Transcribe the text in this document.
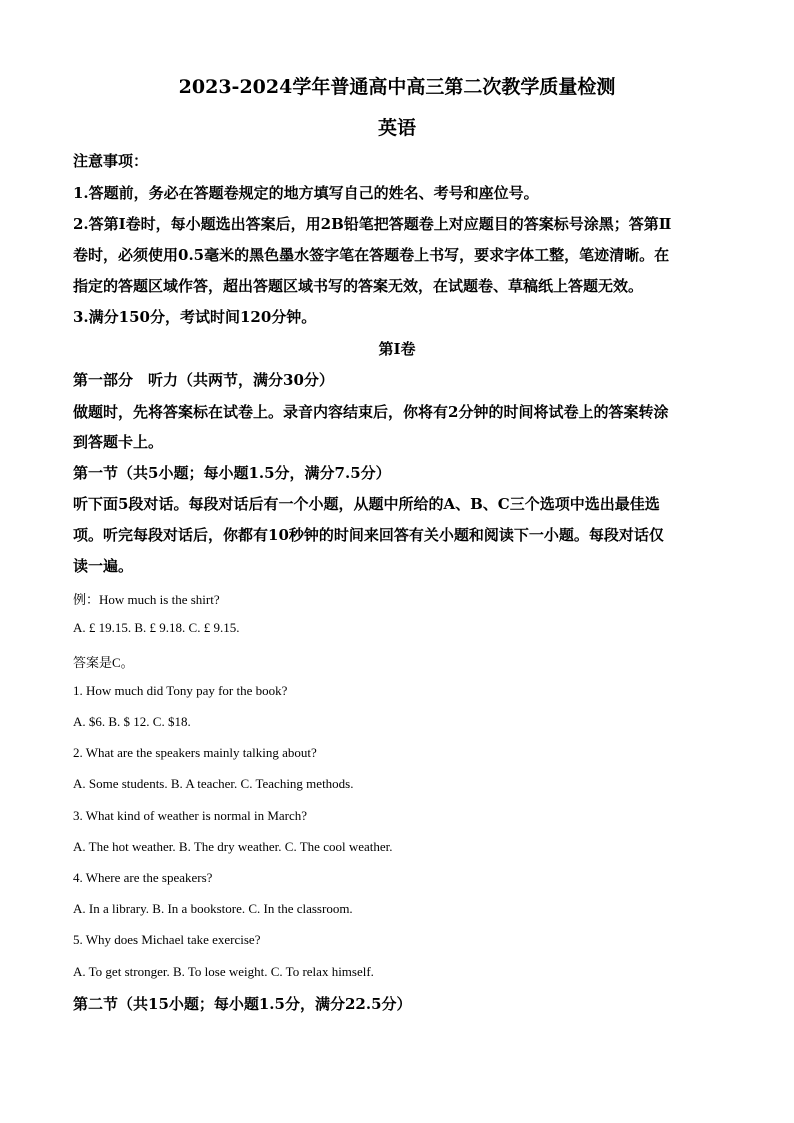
2023-2024学年普通高中高三第二次教学质量检测
英语
注意事项：
1.答题前，务必在答题卷规定的地方填写自己的姓名、考号和座位号。
2.答第Ⅰ卷时，每小题选出答案后，用2B铅笔把答题卷上对应题目的答案标号涂黑；答第Ⅱ
卷时，必须使用0.5毫米的黑色墨水签字笔在答题卷上书写，要求字体工整，笔迹清晰。在
指定的答题区域作答，超出答题区域书写的答案无效，在试题卷、草稿纸上答题无效。
3.满分150分，考试时间120分钟。
第Ⅰ卷
第一部分　听力（共两节，满分30分）
做题时，先将答案标在试卷上。录音内容结束后，你将有2分钟的时间将试卷上的答案转涂
到答题卡上。
第一节（共5小题；每小题1.5分，满分7.5分）
听下面5段对话。每段对话后有一个小题，从题中所给的A、B、C三个选项中选出最佳选
项。听完每段对话后，你都有10秒钟的时间来回答有关小题和阅读下一小题。每段对话仅
读一遍。
例：How much is the shirt?
A. £ 19.15. B. £ 9.18. C. £ 9.15.
答案是C。
1. How much did Tony pay for the book?
A. $6. B. $ 12. C. $18.
2. What are the speakers mainly talking about?
A. Some students. B. A teacher. C. Teaching methods.
3. What kind of weather is normal in March?
A. The hot weather. B. The dry weather. C. The cool weather.
4. Where are the speakers?
A. In a library. B. In a bookstore. C. In the classroom.
5. Why does Michael take exercise?
A. To get stronger. B. To lose weight. C. To relax himself.
第二节（共15小题；每小题1.5分，满分22.5分）
